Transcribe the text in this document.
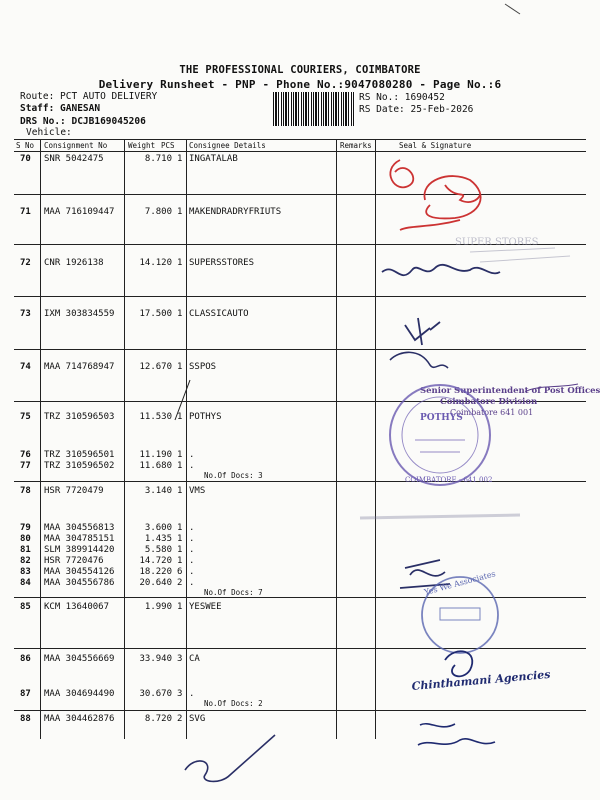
THE PROFESSIONAL COURIERS, COIMBATORE
Delivery Runsheet - PNP - Phone No.:9047080280 - Page No.:6
Route: PCT AUTO DELIVERY
Staff: GANESAN
DRS No.: DCJB169045206
Vehicle:
RS No.: 1690452
RS Date: 25-Feb-2026
S No Consignment No	Weight PCS Consignee Details	Remarks	Seal & Signature
70 SNR 5042475	8.710 1 INGATALAB
71 MAA 716109447	7.800 1 MAKENDRADRYFRIUTS
72 CNR 1926138	14.120 1 SUPERSSTORES
73 IXM 303834559	17.500 1 CLASSICAUTO
74 MAA 714768947	12.670 1 SSPOS
75 TRZ 310596503	11.530 1 POTHYS
76 TRZ 310596501	11.190 1 .
77 TRZ 310596502	11.680 1 .
No.Of Docs: 3
78 HSR 7720479	3.140 1 VMS
79 MAA 304556813	3.600 1 .
80 MAA 304785151	1.435 1 .
81 SLM 389914420	5.580 1 .
82 HSR 7720476	14.720 1 .
83 MAA 304554126	18.220 6 .
84 MAA 304556786	20.640 2 .
No.Of Docs: 7
85 KCM 13640067	1.990 1 YESWEE
86 MAA 304556669	33.940 3 CA
87 MAA 304694490	30.670 3 .
No.Of Docs: 2
88 MAA 304462876	8.720 2 SVG
SUPER STORES
Senior Superintendent of Post Offices
Coimbatore Division
Coimbatore 641 001
POTHYS
COIMBATORE - 641 002
Yes We Associates
Chinthamani Agencies
